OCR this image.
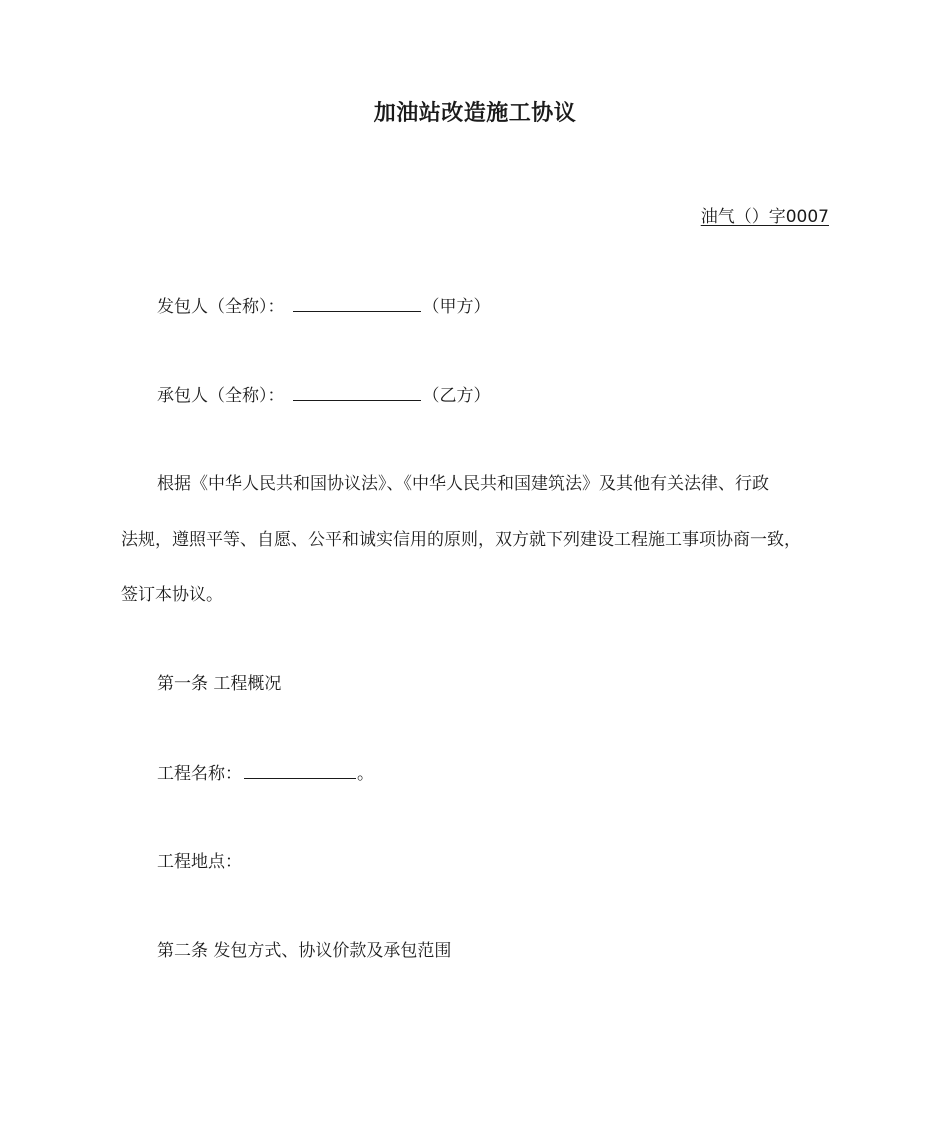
加油站改造施工协议
油气（）字0007
发包人（全称）：	（甲方）
承包人（全称）：	（乙方）
根据《中华人民共和国协议法》、《中华人民共和国建筑法》及其他有关法律、行政
法规，遵照平等、自愿、公平和诚实信用的原则，双方就下列建设工程施工事项协商一致，
签订本协议。
第一条 工程概况
工程名称：	。
工程地点：
第二条 发包方式、协议价款及承包范围
